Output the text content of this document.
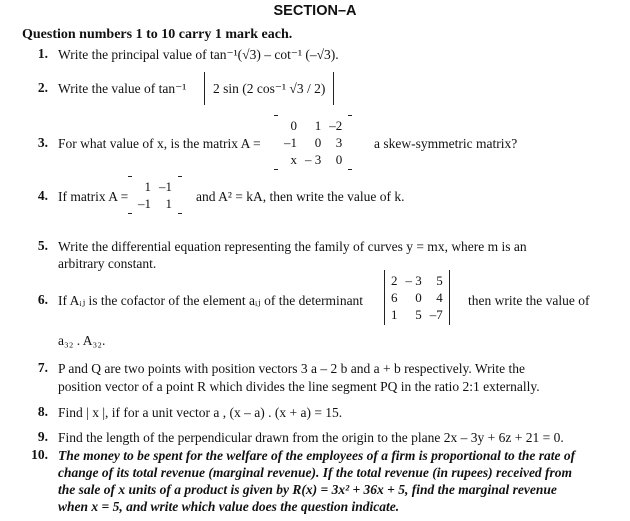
SECTION–A
Question numbers 1 to 10 carry 1 mark each.
1. Write the principal value of tan⁻¹(√3) – cot⁻¹ (–√3).
2. Write the value of tan⁻¹	2 sin (2 cos⁻¹ √3 / 2)
3. For what value of x, is the matrix A =
0	1	–2
–1	0	3
x	– 3	0
a skew-symmetric matrix?
4. If matrix A =
1	–1
–1	1 and A² = kA, then write the value of k.
5. Write the differential equation representing the family of curves y = mx, where m is an
arbitrary constant.
6. If Aᵢⱼ is the cofactor of the element aᵢⱼ of the determinant
2	– 3	5
6	0	4
1	5	–7
then write the value of
a₃₂ . A₃₂.
7. P and Q are two points with position vectors 3 a – 2 b and a + b respectively. Write the
position vector of a point R which divides the line segment PQ in the ratio 2:1 externally.
8. Find | x |, if for a unit vector a , (x – a) . (x + a) = 15.
9. Find the length of the perpendicular drawn from the origin to the plane 2x – 3y + 6z + 21 = 0.
10. The money to be spent for the welfare of the employees of a firm is proportional to the rate of
change of its total revenue (marginal revenue). If the total revenue (in rupees) received from
the sale of x units of a product is given by R(x) = 3x² + 36x + 5, find the marginal revenue
when x = 5, and write which value does the question indicate.
